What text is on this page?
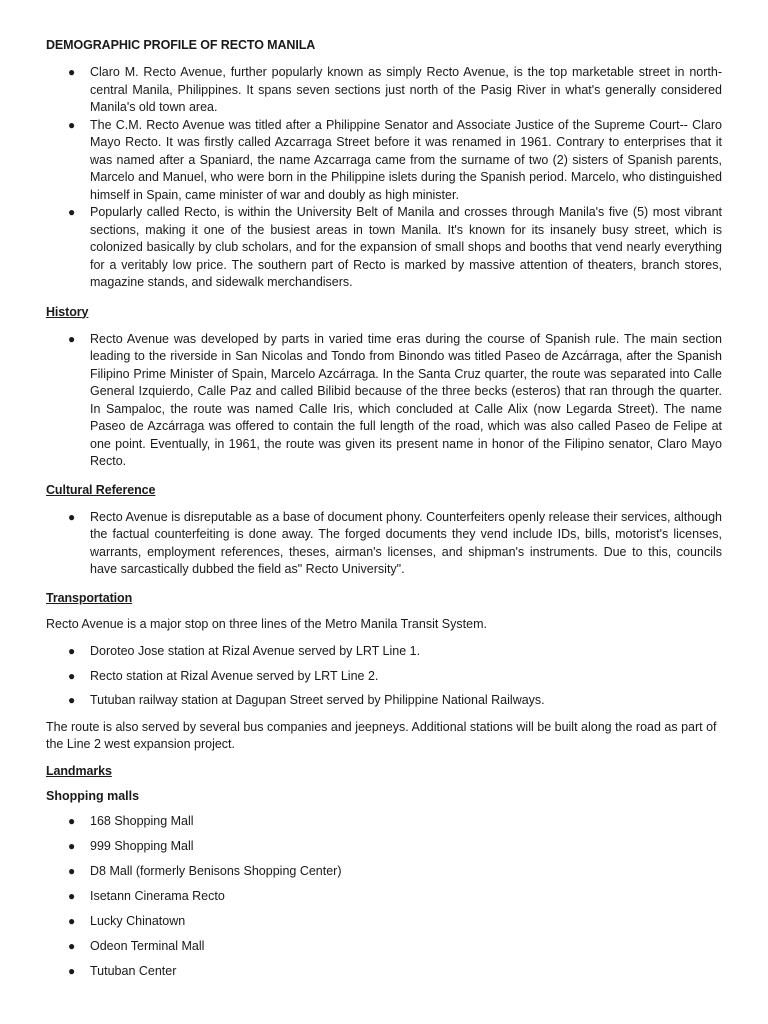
DEMOGRAPHIC PROFILE OF RECTO MANILA
● Claro M. Recto Avenue, further popularly known as simply Recto Avenue, is the top marketable street in north-central Manila, Philippines. It spans seven sections just north of the Pasig River in what's generally considered Manila's old town area.
● The C.M. Recto Avenue was titled after a Philippine Senator and Associate Justice of the Supreme Court-- Claro Mayo Recto. It was firstly called Azcarraga Street before it was renamed in 1961. Contrary to enterprises that it was named after a Spaniard, the name Azcarraga came from the surname of two (2) sisters of Spanish parents, Marcelo and Manuel, who were born in the Philippine islets during the Spanish period. Marcelo, who distinguished himself in Spain, came minister of war and doubly as high minister.
● Popularly called Recto, is within the University Belt of Manila and crosses through Manila's five (5) most vibrant sections, making it one of the busiest areas in town Manila. It's known for its insanely busy street, which is colonized basically by club scholars, and for the expansion of small shops and booths that vend nearly everything for a veritably low price. The southern part of Recto is marked by massive attention of theaters, branch stores, magazine stands, and sidewalk merchandisers.
History
● Recto Avenue was developed by parts in varied time eras during the course of Spanish rule. The main section leading to the riverside in San Nicolas and Tondo from Binondo was titled Paseo de Azcárraga, after the Spanish Filipino Prime Minister of Spain, Marcelo Azcárraga. In the Santa Cruz quarter, the route was separated into Calle General Izquierdo, Calle Paz and called Bilibid because of the three becks (esteros) that ran through the quarter. In Sampaloc, the route was named Calle Iris, which concluded at Calle Alix (now Legarda Street). The name Paseo de Azcárraga was offered to contain the full length of the road, which was also called Paseo de Felipe at one point. Eventually, in 1961, the route was given its present name in honor of the Filipino senator, Claro Mayo Recto.
Cultural Reference
● Recto Avenue is disreputable as a base of document phony. Counterfeiters openly release their services, although the factual counterfeiting is done away. The forged documents they vend include IDs, bills, motorist's licenses, warrants, employment references, theses, airman's licenses, and shipman's instruments. Due to this, councils have sarcastically dubbed the field as" Recto University".
Transportation

Recto Avenue is a major stop on three lines of the Metro Manila Transit System.

● Doroteo Jose station at Rizal Avenue served by LRT Line 1.
● Recto station at Rizal Avenue served by LRT Line 2.
● Tutuban railway station at Dagupan Street served by Philippine National Railways.

The route is also served by several bus companies and jeepneys. Additional stations will be built along the road as part of the Line 2 west expansion project.

Landmarks
Shopping malls
● 168 Shopping Mall
● 999 Shopping Mall
● D8 Mall (formerly Benisons Shopping Center)
● Isetann Cinerama Recto
● Lucky Chinatown
● Odeon Terminal Mall
● Tutuban Center
